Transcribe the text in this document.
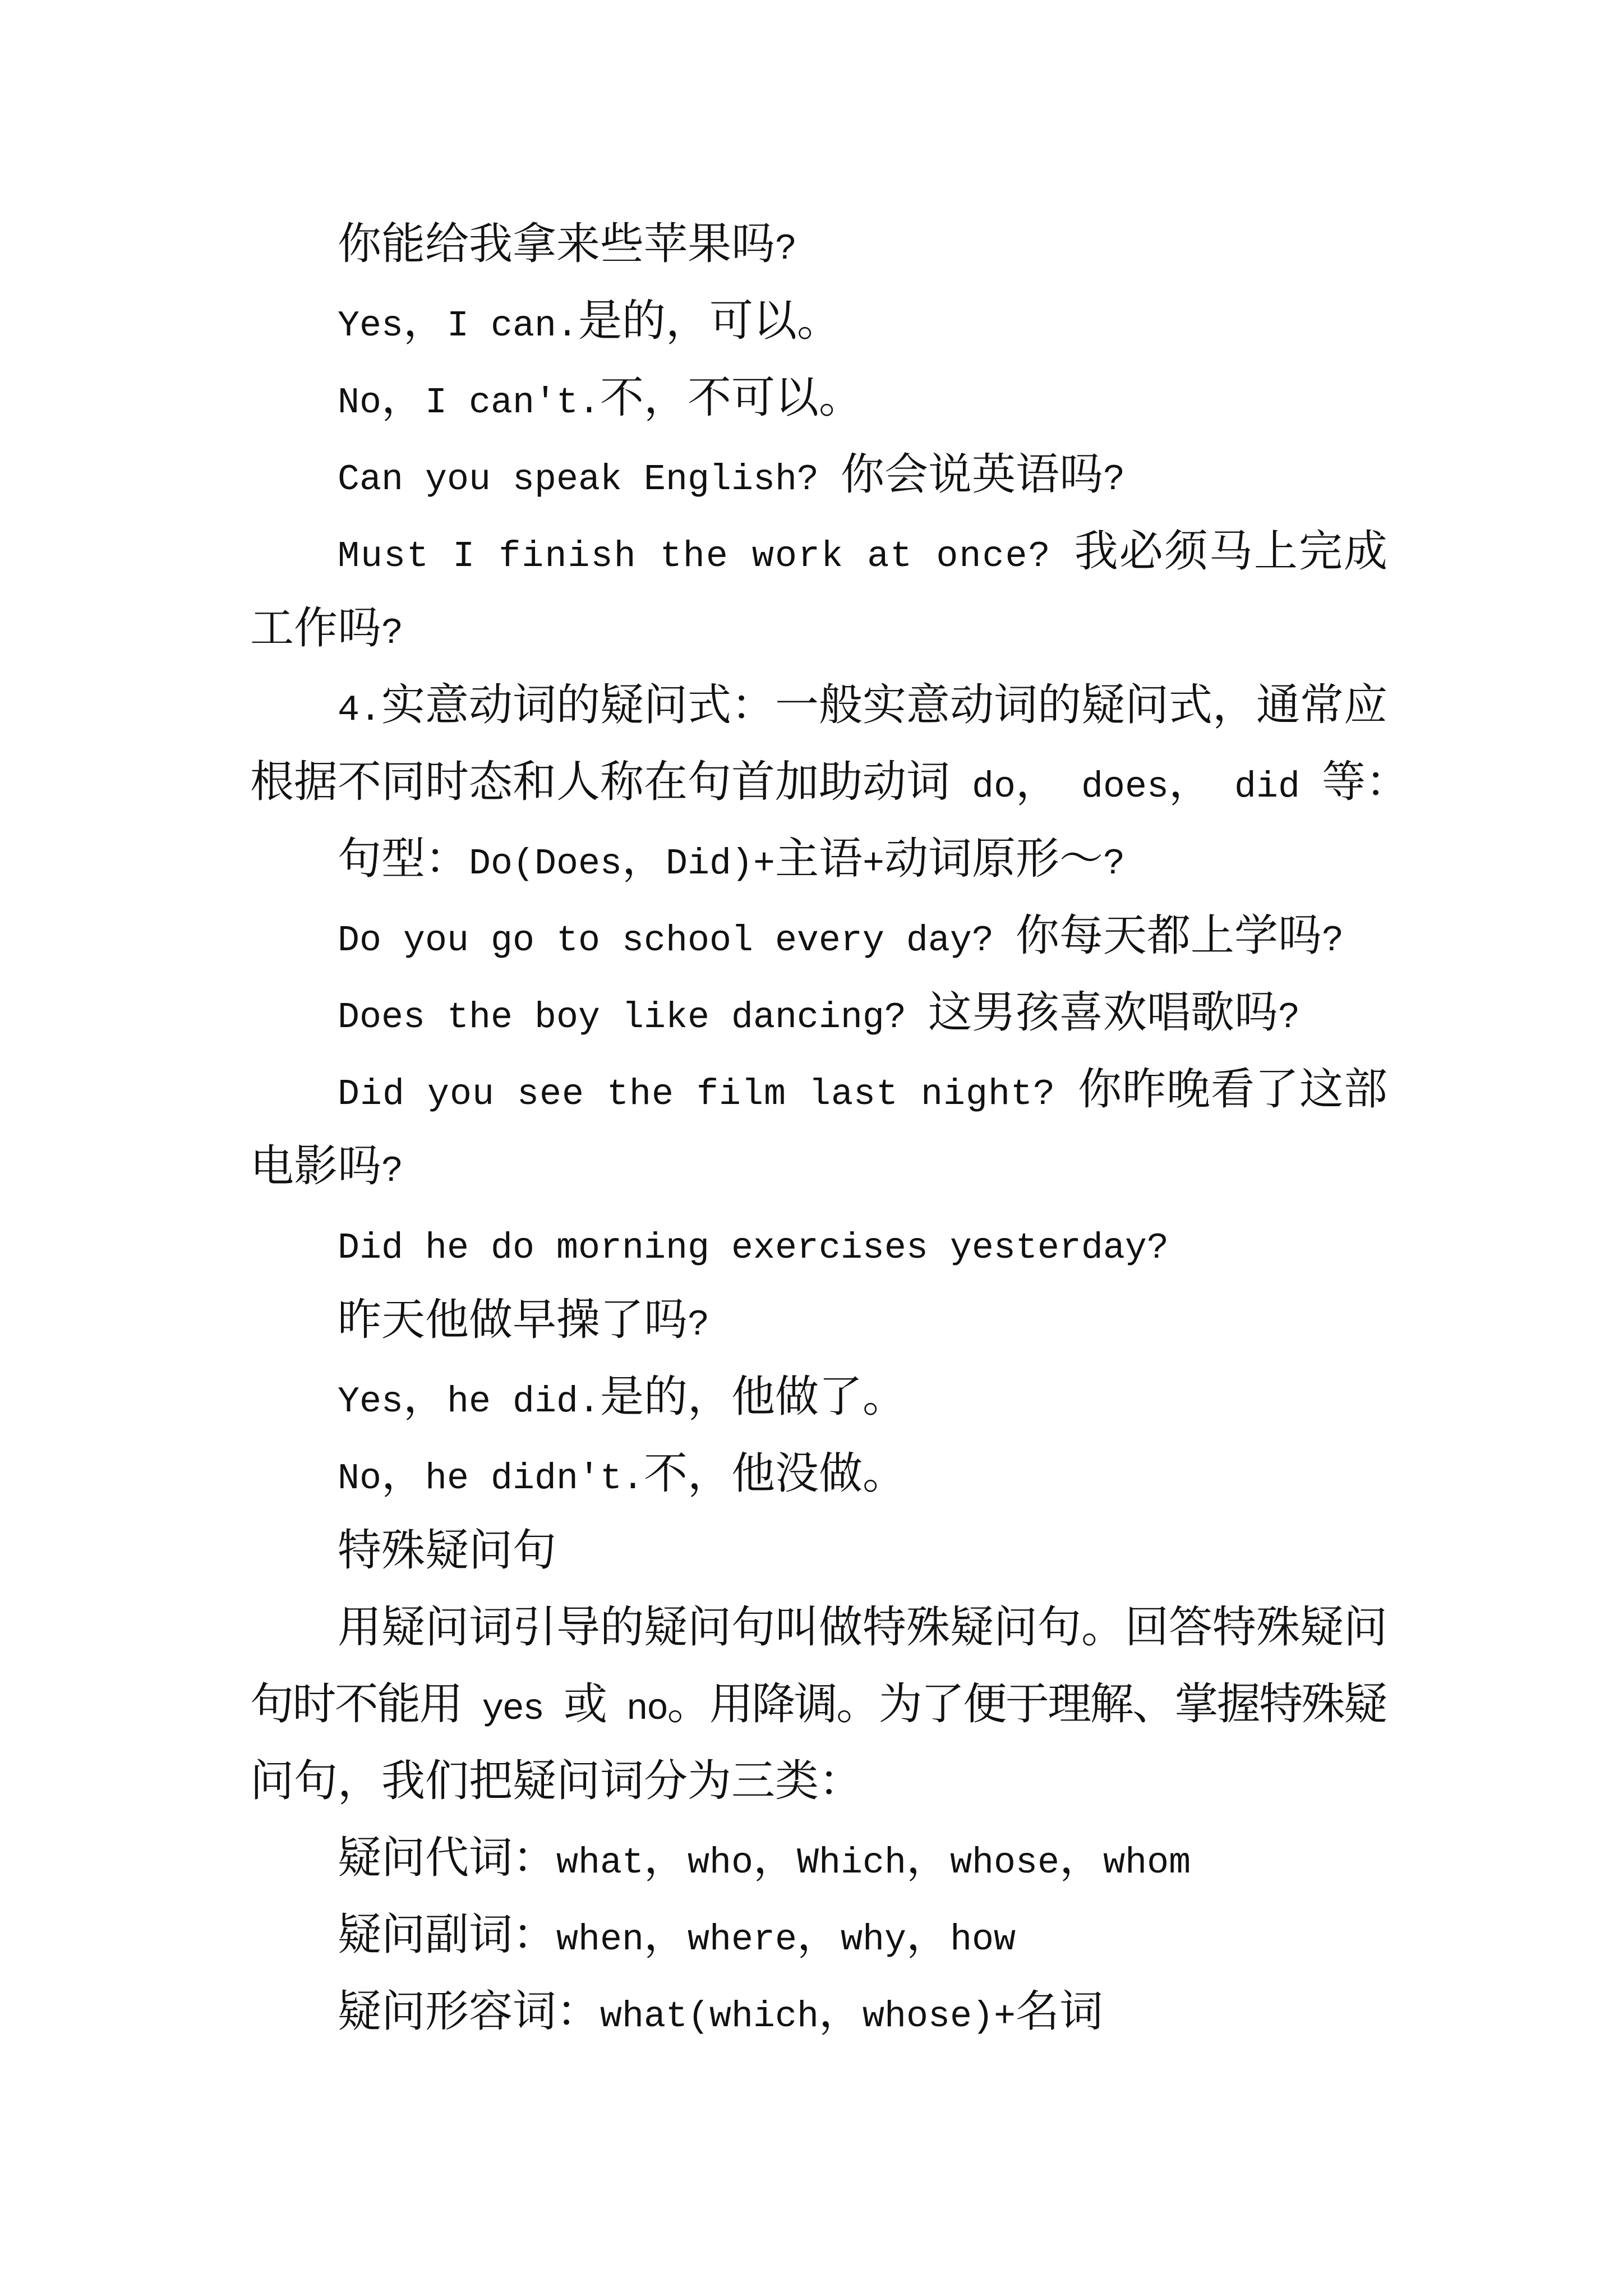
你能给我拿来些苹果吗?
Yes，I can.是的，可以。
No，I can't.不，不可以。
Can you speak English? 你会说英语吗?
Must I finish the work at once? 我必须马上完成
工作吗?
4.实意动词的疑问式：一般实意动词的疑问式，通常应
根据不同时态和人称在句首加助动词 do， does， did 等：
句型：Do(Does，Did)+主语+动词原形～?
Do you go to school every day? 你每天都上学吗?
Does the boy like dancing? 这男孩喜欢唱歌吗?
Did you see the film last night? 你昨晚看了这部
电影吗?
Did he do morning exercises yesterday?
昨天他做早操了吗?
Yes，he did.是的，他做了。
No，he didn't.不，他没做。
特殊疑问句
用疑问词引导的疑问句叫做特殊疑问句。回答特殊疑问
句时不能用 yes 或 no。用降调。为了便于理解、掌握特殊疑
问句，我们把疑问词分为三类：
疑问代词：what，who，Which，whose，whom
疑问副词：when，where，why，how
疑问形容词：what(which，whose)+名词
